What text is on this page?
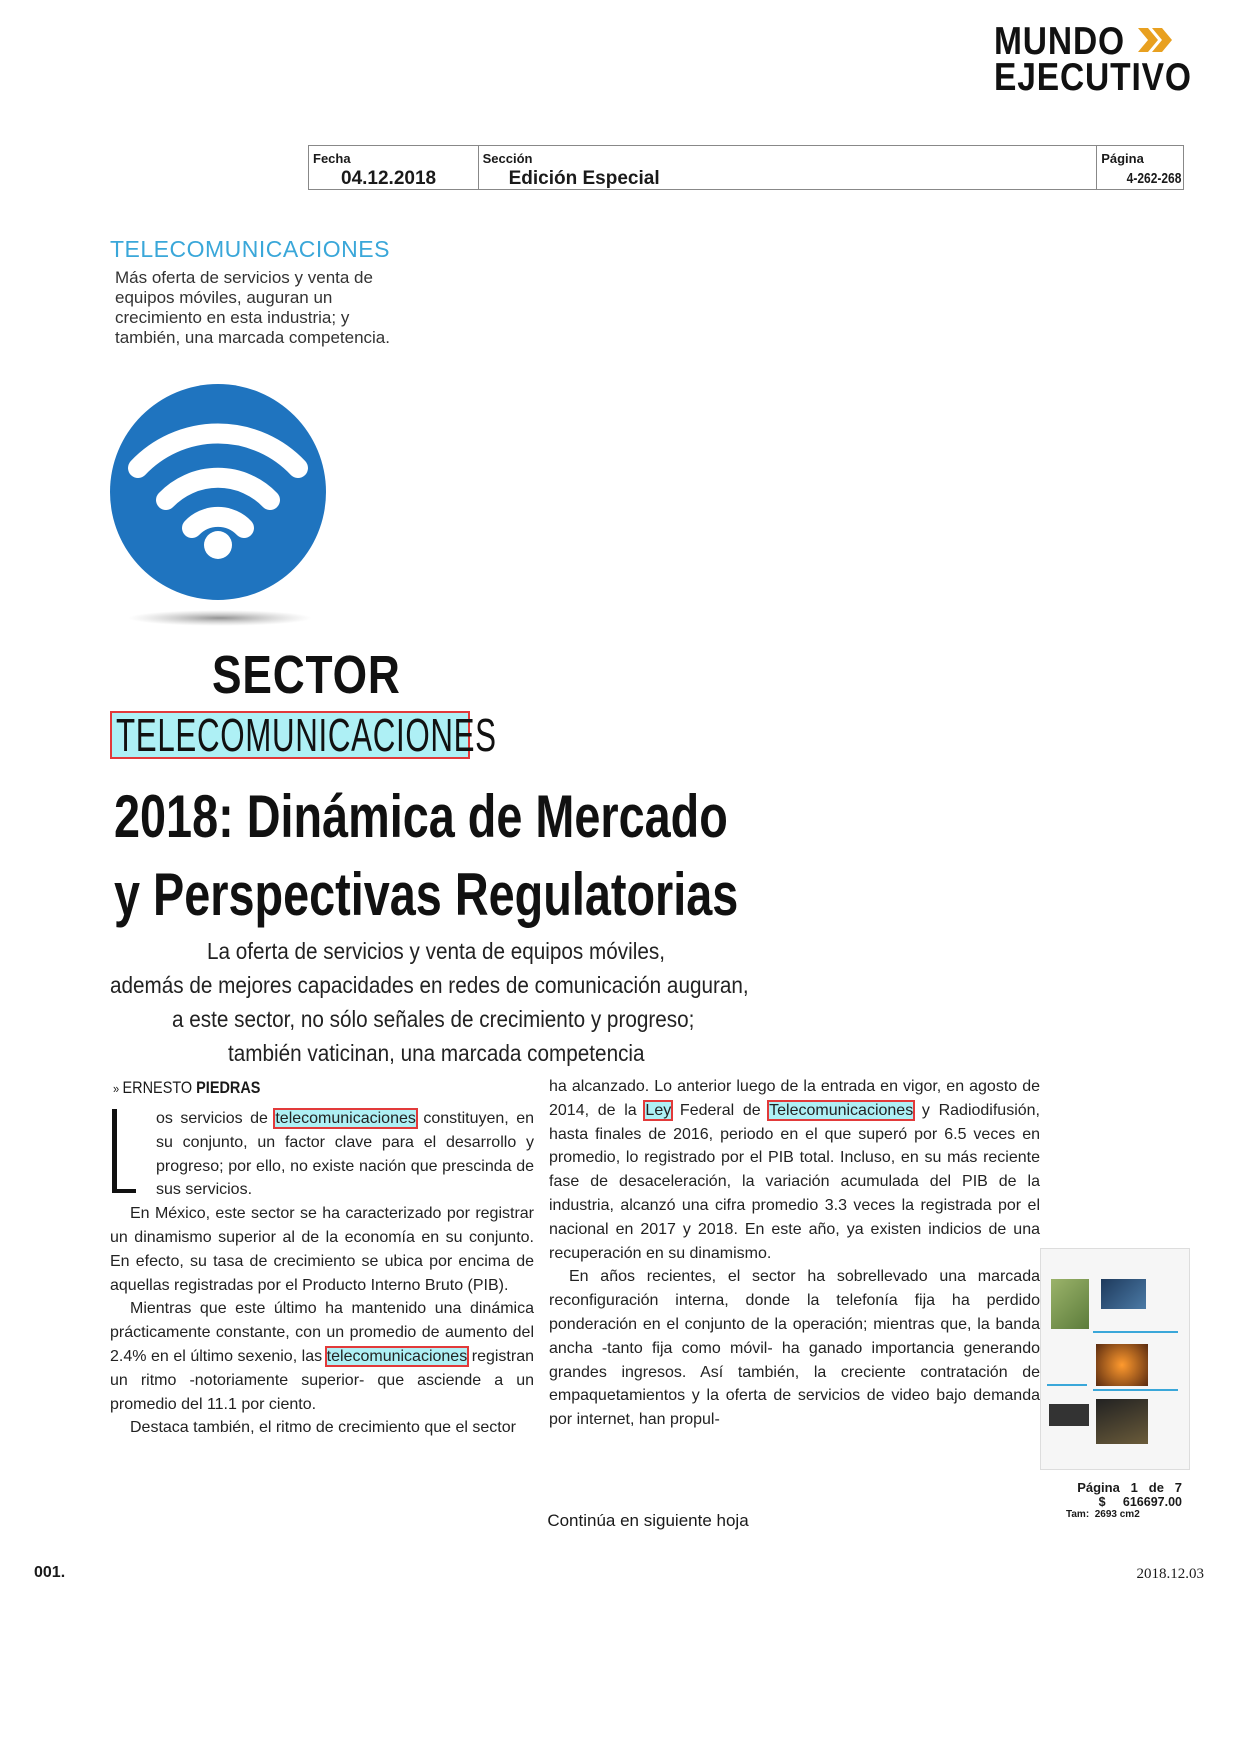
MUNDO
EJECUTIVO
Fecha
04.12.2018
Sección
Edición Especial
Página
4-262-268
TELECOMUNICACIONES
Más oferta de servicios y venta de equipos móviles, auguran un crecimiento en esta industria; y también, una marcada competencia.
SECTOR
TELECOMUNICACIONES
2018: Dinámica de Mercado
y Perspectivas Regulatorias
La oferta de servicios y venta de equipos móviles,
además de mejores capacidades en redes de comunicación auguran,
a este sector, no sólo señales de crecimiento y progreso;
también vaticinan, una marcada competencia
» ERNESTO PIEDRAS

os servicios de telecomunicaciones constituyen, en su conjunto, un factor clave para el desarrollo y progreso; por ello, no existe nación que prescinda de sus servicios.

En México, este sector se ha caracterizado por registrar un dinamismo superior al de la economía en su conjunto. En efecto, su tasa de crecimiento se ubica por encima de aquellas registradas por el Producto Interno Bruto (PIB).

Mientras que este último ha mantenido una dinámica prácticamente constante, con un promedio de aumento del 2.4% en el último sexenio, las telecomunicaciones registran un ritmo -notoriamente superior- que asciende a un promedio del 11.1 por ciento.

Destaca también, el ritmo de crecimiento que el sector

ha alcanzado. Lo anterior luego de la entrada en vigor, en agosto de 2014, de la Ley Federal de Telecomunicaciones y Radiodifusión, hasta finales de 2016, periodo en el que superó por 6.5 veces en promedio, lo registrado por el PIB total. Incluso, en su más reciente fase de desaceleración, la variación acumulada del PIB de la industria, alcanzó una cifra promedio 3.3 veces la registrada por el nacional en 2017 y 2018. En este año, ya existen indicios de una recuperación en su dinamismo.

En años recientes, el sector ha sobrellevado una marcada reconfiguración interna, donde la telefonía fija ha perdido ponderación en el conjunto de la operación; mientras que, la banda ancha -tanto fija como móvil- ha ganado importancia generando grandes ingresos. Así también, la creciente contratación de empaquetamientos y la oferta de servicios de video bajo demanda por internet, han propul-

Página 1 de 7
$ 616697.00
Tam: 2693 cm2
Continúa en siguiente hoja
001.	2018.12.03
